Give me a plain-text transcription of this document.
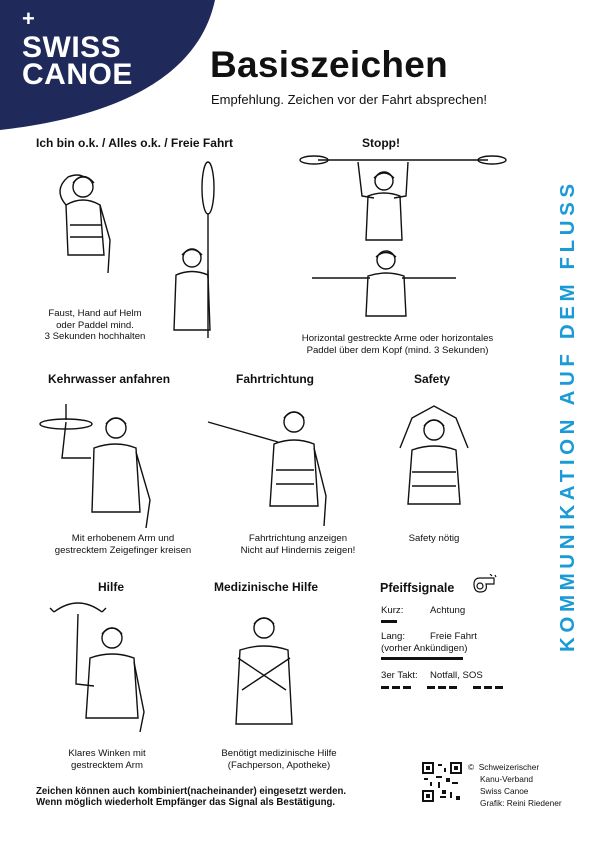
+
SWISS
CANOE Basiszeichen
Empfehlung. Zeichen vor der Fahrt absprechen!
KOMMUNIKATION AUF DEM FLUSS
Ich bin o.k. / Alles o.k. / Freie Fahrt
Faust, Hand auf Helm
oder Paddel mind.
3 Sekunden hochhalten
Stopp!
Horizontal gestreckte Arme oder horizontales
Paddel über dem Kopf (mind. 3 Sekunden)
Kehrwasser anfahren
Mit erhobenem Arm und
gestrecktem Zeigefinger kreisen
Fahrtrichtung
Fahrtrichtung anzeigen
Nicht auf Hindernis zeigen!
Safety
Safety nötig
Hilfe
Klares Winken mit
gestrecktem Arm
Medizinische Hilfe
Benötigt medizinische Hilfe
(Fachperson, Apotheke)
Pfeiffsignale
Kurz:	Achtung
Lang:	Freie Fahrt
(vorher Ankündigen)
3er Takt: Notfall, SOS
Zeichen können auch kombiniert(nacheinander) eingesetzt werden.
Wenn möglich wiederholt Empfänger das Signal als Bestätigung.
© Schweizerischer
Kanu-Verband
Swiss Canoe
Grafik: Reini Riedener
